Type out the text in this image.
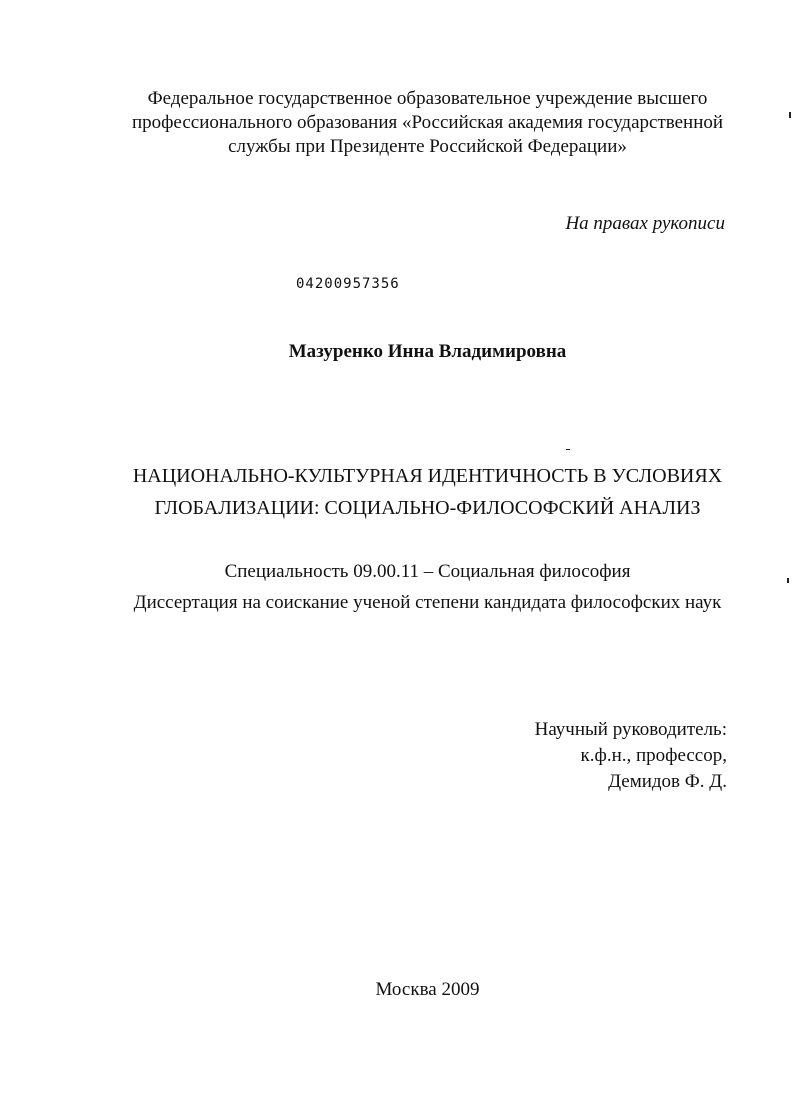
Федеральное государственное образовательное учреждение высшего
профессионального образования «Российская академия государственной
службы при Президенте Российской Федерации»
На правах рукописи
04200957356
Мазуренко Инна Владимировна
НАЦИОНАЛЬНО-КУЛЬТУРНАЯ ИДЕНТИЧНОСТЬ В УСЛОВИЯХ
ГЛОБАЛИЗАЦИИ: СОЦИАЛЬНО-ФИЛОСОФСКИЙ АНАЛИЗ
Специальность 09.00.11 – Социальная философия
Диссертация на соискание ученой степени кандидата философских наук
Научный руководитель:
к.ф.н., профессор,
Демидов Ф. Д.
Москва 2009
